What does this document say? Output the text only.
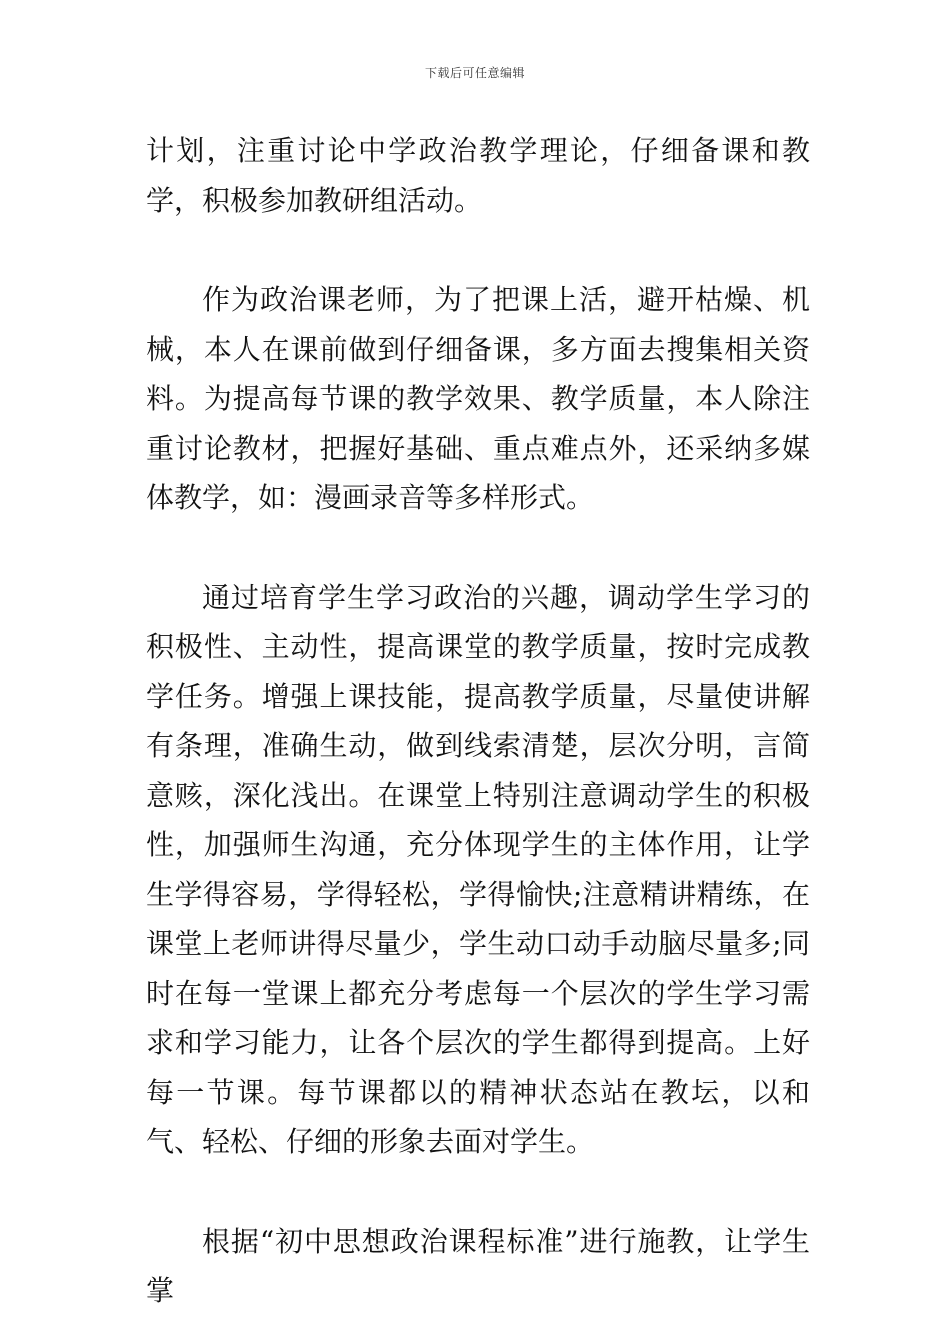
下载后可任意编辑

计划，注重讨论中学政治教学理论，仔细备课和教学，积极参加教研组活动。

作为政治课老师，为了把课上活，避开枯燥、机械，本人在课前做到仔细备课，多方面去搜集相关资料。为提高每节课的教学效果、教学质量，本人除注重讨论教材，把握好基础、重点难点外，还采纳多媒体教学，如：漫画录音等多样形式。

通过培育学生学习政治的兴趣，调动学生学习的积极性、主动性，提高课堂的教学质量，按时完成教学任务。增强上课技能，提高教学质量，尽量使讲解有条理，准确生动，做到线索清楚，层次分明，言简意赅，深化浅出。在课堂上特别注意调动学生的积极性，加强师生沟通，充分体现学生的主体作用，让学生学得容易，学得轻松，学得愉快;注意精讲精练，在课堂上老师讲得尽量少，学生动口动手动脑尽量多;同时在每一堂课上都充分考虑每一个层次的学生学习需求和学习能力，让各个层次的学生都得到提高。上好每一节课。每节课都以的精神状态站在教坛，以和气、轻松、仔细的形象去面对学生。

根据“初中思想政治课程标准”进行施教，让学生掌
